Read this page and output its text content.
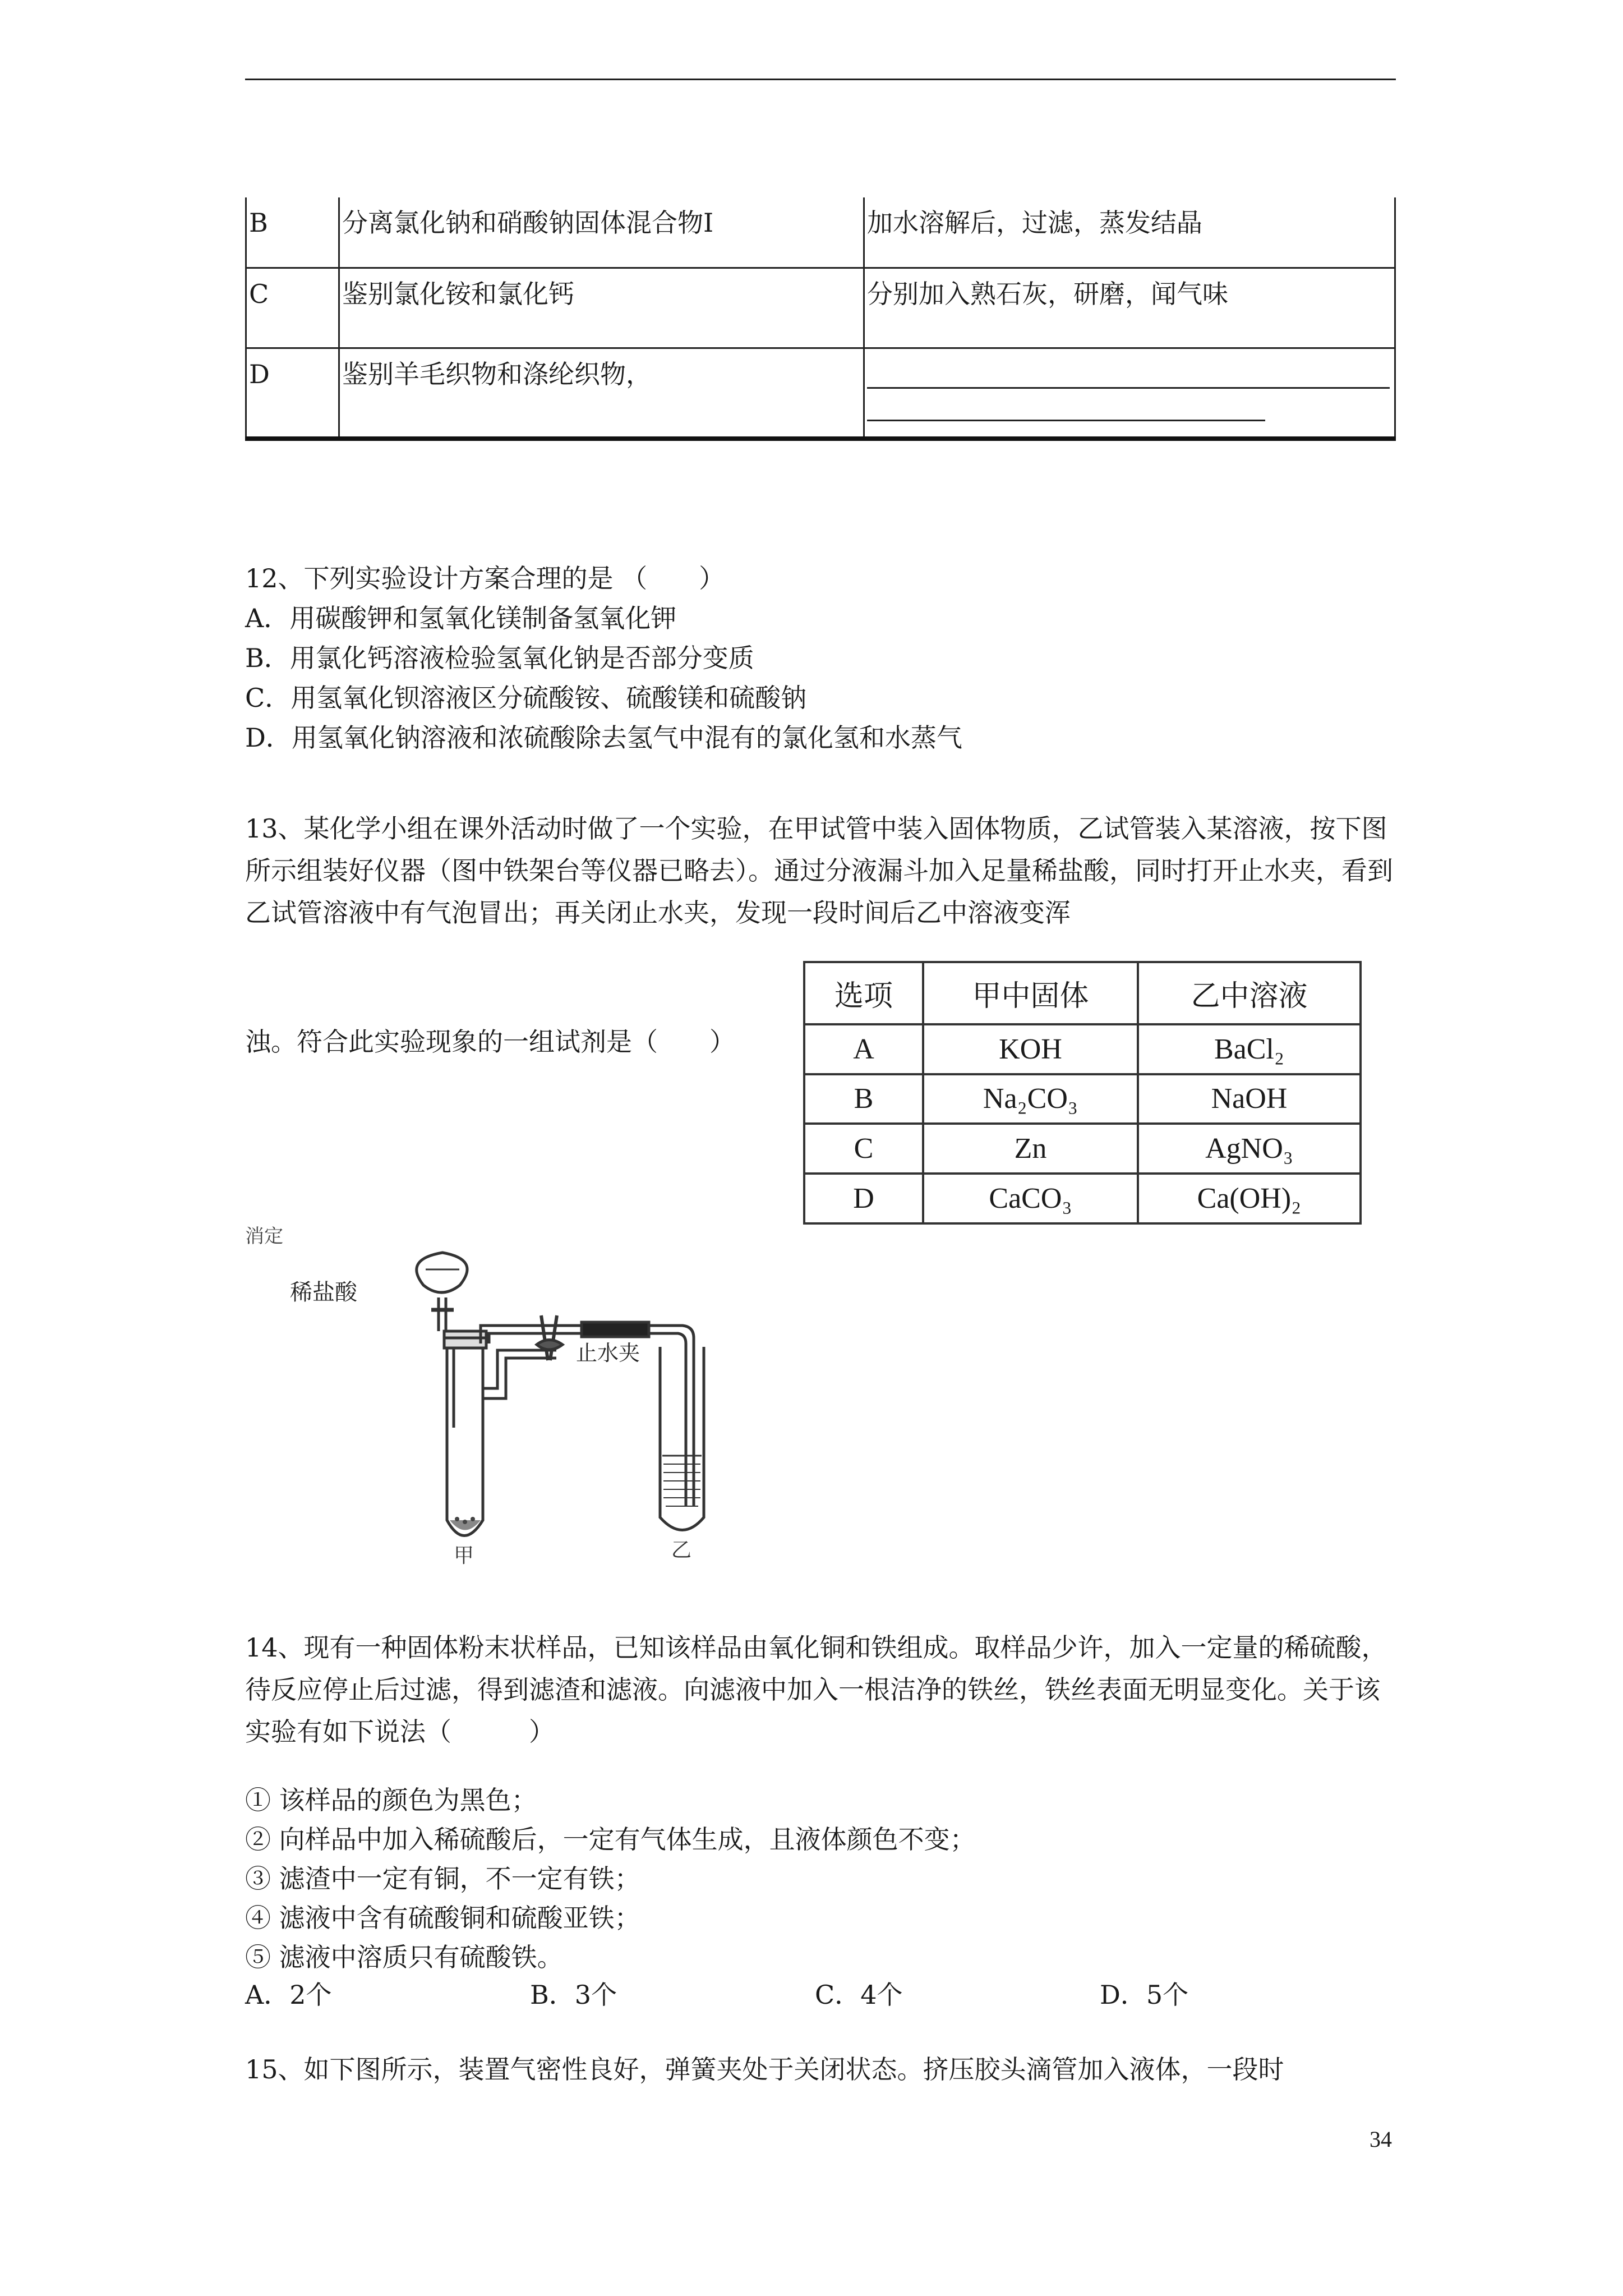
B	分离氯化钠和硝酸钠固体混合物Ⅰ	加水溶解后，过滤，蒸发结晶
C	鉴别氯化铵和氯化钙	分别加入熟石灰，研磨，闻气味
D	鉴别羊毛织物和涤纶织物，	
12、下列实验设计方案合理的是 （　　）
A．用碳酸钾和氢氧化镁制备氢氧化钾
B．用氯化钙溶液检验氢氧化钠是否部分变质
C．用氢氧化钡溶液区分硫酸铵、硫酸镁和硫酸钠
D．用氢氧化钠溶液和浓硫酸除去氢气中混有的氯化氢和水蒸气
13、某化学小组在课外活动时做了一个实验，在甲试管中装入固体物质，乙试管装入某溶液，按下图所示组装好仪器（图中铁架台等仪器已略去）。通过分液漏斗加入足量稀盐酸，同时打开止水夹，看到乙试管溶液中有气泡冒出；再关闭止水夹，发现一段时间后乙中溶液变浑
浊。符合此实验现象的一组试剂是（　　）
选项	甲中固体	乙中溶液
A	KOH	BaCl₂
B	Na₂CO₃	NaOH
C	Zn	AgNO₃
D	CaCO₃	Ca(OH)₂
消定
稀盐酸
止水夹
甲	乙
14、现有一种固体粉末状样品，已知该样品由氧化铜和铁组成。取样品少许，加入一定量的稀硫酸，待反应停止后过滤，得到滤渣和滤液。向滤液中加入一根洁净的铁丝，铁丝表面无明显变化。关于该实验有如下说法（　　　）
① 该样品的颜色为黑色；
② 向样品中加入稀硫酸后，一定有气体生成，且液体颜色不变；
③ 滤渣中一定有铜，不一定有铁；
④ 滤液中含有硫酸铜和硫酸亚铁；
⑤ 滤液中溶质只有硫酸铁。
A．2个	B．3个	C．4个	D．5个
15、如下图所示，装置气密性良好，弹簧夹处于关闭状态。挤压胶头滴管加入液体，一段时
34
